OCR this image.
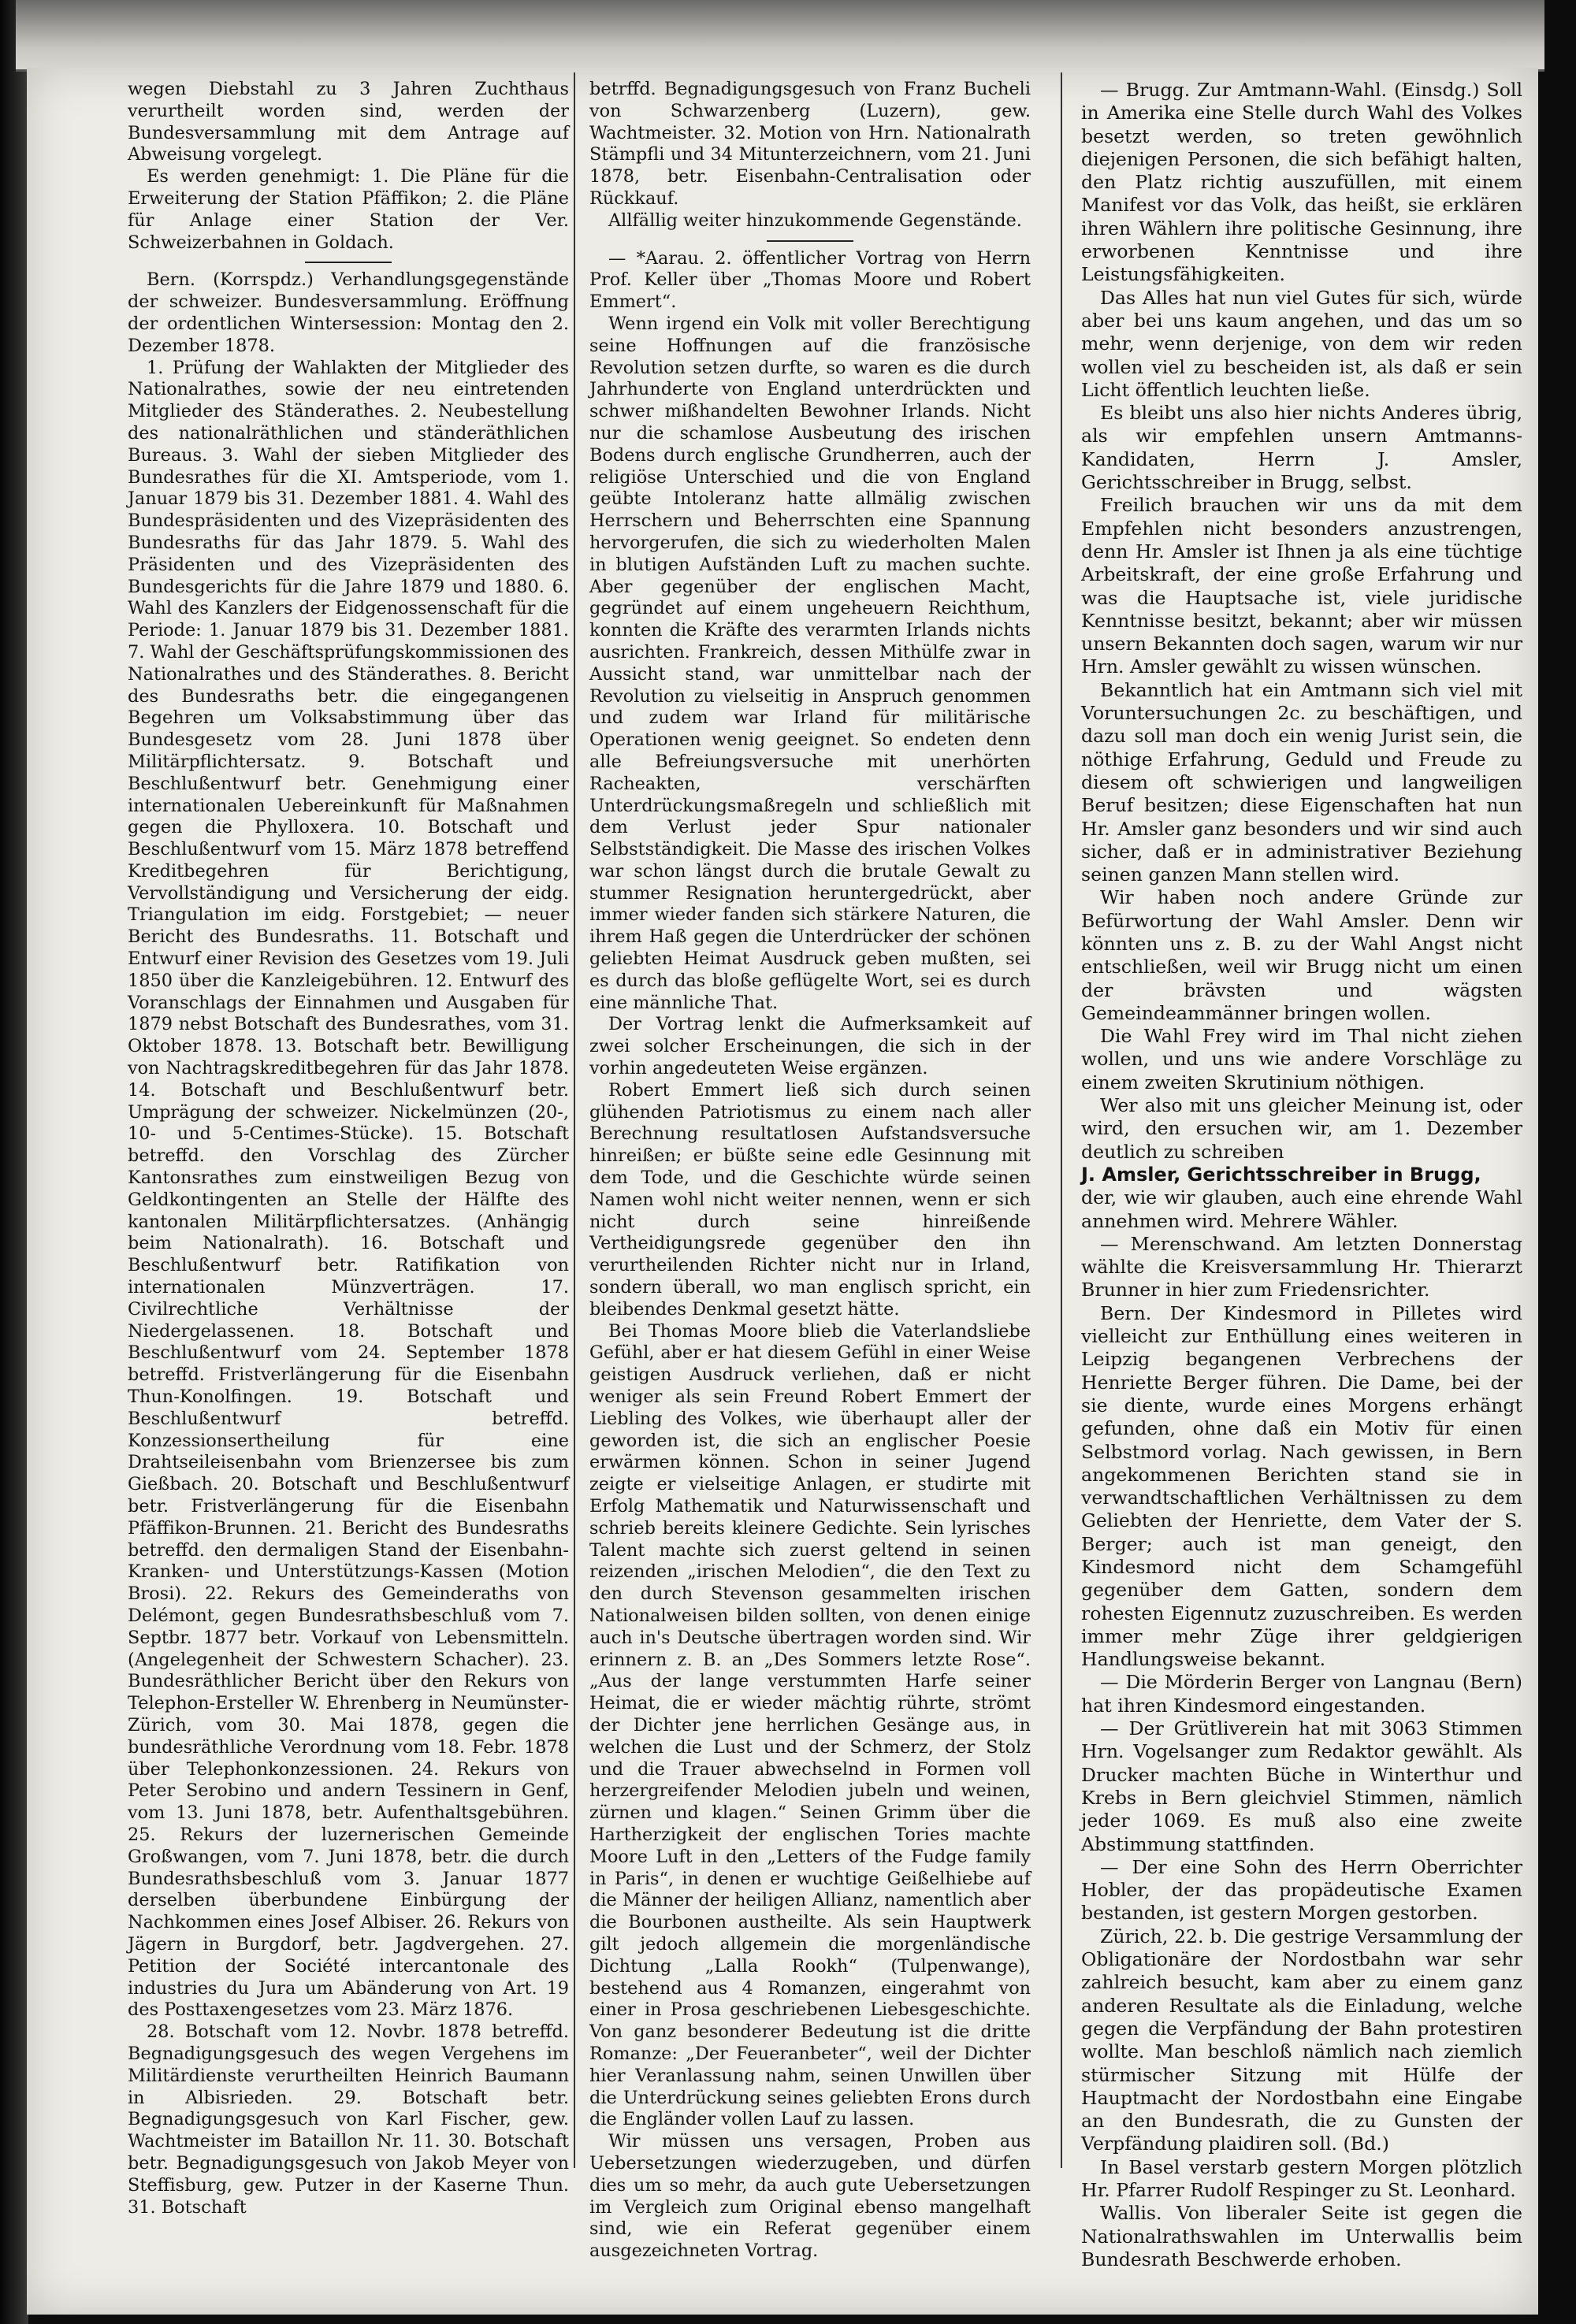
wegen Diebstahl zu 3 Jahren Zuchthaus verurtheilt worden sind, werden der Bundesversammlung mit dem Antrage auf Abweisung vorgelegt.

Es werden genehmigt: 1. Die Pläne für die Erweiterung der Station Pfäffikon; 2. die Pläne für Anlage einer Station der Ver. Schweizerbahnen in Goldach.

Bern. (Korrspdz.) Verhandlungsgegenstände der schweizer. Bundesversammlung. Eröffnung der ordentlichen Wintersession: Montag den 2. Dezember 1878.

1. Prüfung der Wahlakten der Mitglieder des Nationalrathes, sowie der neu eintretenden Mitglieder des Ständerathes. 2. Neubestellung des nationalräthlichen und ständeräthlichen Bureaus. 3. Wahl der sieben Mitglieder des Bundesrathes für die XI. Amtsperiode, vom 1. Januar 1879 bis 31. Dezember 1881. 4. Wahl des Bundespräsidenten und des Vizepräsidenten des Bundesraths für das Jahr 1879. 5. Wahl des Präsidenten und des Vizepräsidenten des Bundesgerichts für die Jahre 1879 und 1880. 6. Wahl des Kanzlers der Eidgenossenschaft für die Periode: 1. Januar 1879 bis 31. Dezember 1881. 7. Wahl der Geschäftsprüfungskommissionen des Nationalrathes und des Ständerathes. 8. Bericht des Bundesraths betr. die eingegangenen Begehren um Volksabstimmung über das Bundesgesetz vom 28. Juni 1878 über Militärpflichtersatz. 9. Botschaft und Beschlußentwurf betr. Genehmigung einer internationalen Uebereinkunft für Maßnahmen gegen die Phylloxera. 10. Botschaft und Beschlußentwurf vom 15. März 1878 betreffend Kreditbegehren für Berichtigung, Vervollständigung und Versicherung der eidg. Triangulation im eidg. Forstgebiet; — neuer Bericht des Bundesraths. 11. Botschaft und Entwurf einer Revision des Gesetzes vom 19. Juli 1850 über die Kanzleigebühren. 12. Entwurf des Voranschlags der Einnahmen und Ausgaben für 1879 nebst Botschaft des Bundesrathes, vom 31. Oktober 1878. 13. Botschaft betr. Bewilligung von Nachtragskreditbegehren für das Jahr 1878. 14. Botschaft und Beschlußentwurf betr. Umprägung der schweizer. Nickelmünzen (20-, 10- und 5-Centimes-Stücke). 15. Botschaft betreffd. den Vorschlag des Zürcher Kantonsrathes zum einstweiligen Bezug von Geldkontingenten an Stelle der Hälfte des kantonalen Militärpflichtersatzes. (Anhängig beim Nationalrath). 16. Botschaft und Beschlußentwurf betr. Ratifikation von internationalen Münzverträgen. 17. Civilrechtliche Verhältnisse der Niedergelassenen. 18. Botschaft und Beschlußentwurf vom 24. September 1878 betreffd. Fristverlängerung für die Eisenbahn Thun-Konolfingen. 19. Botschaft und Beschlußentwurf betreffd. Konzessionsertheilung für eine Drahtseileisenbahn vom Brienzersee bis zum Gießbach. 20. Botschaft und Beschlußentwurf betr. Fristverlängerung für die Eisenbahn Pfäffikon-Brunnen. 21. Bericht des Bundesraths betreffd. den dermaligen Stand der Eisenbahn-Kranken- und Unterstützungs-Kassen (Motion Brosi). 22. Rekurs des Gemeinderaths von Delémont, gegen Bundesrathsbeschluß vom 7. Septbr. 1877 betr. Vorkauf von Lebensmitteln. (Angelegenheit der Schwestern Schacher). 23. Bundesräthlicher Bericht über den Rekurs von Telephon-Ersteller W. Ehrenberg in Neumünster-Zürich, vom 30. Mai 1878, gegen die bundesräthliche Verordnung vom 18. Febr. 1878 über Telephonkonzessionen. 24. Rekurs von Peter Serobino und andern Tessinern in Genf, vom 13. Juni 1878, betr. Aufenthaltsgebühren. 25. Rekurs der luzernerischen Gemeinde Großwangen, vom 7. Juni 1878, betr. die durch Bundesrathsbeschluß vom 3. Januar 1877 derselben überbundene Einbürgung der Nachkommen eines Josef Albiser. 26. Rekurs von Jägern in Burgdorf, betr. Jagdvergehen. 27. Petition der Société intercantonale des industries du Jura um Abänderung von Art. 19 des Posttaxengesetzes vom 23. März 1876.

28. Botschaft vom 12. Novbr. 1878 betreffd. Begnadigungsgesuch des wegen Vergehens im Militärdienste verurtheilten Heinrich Baumann in Albisrieden. 29. Botschaft betr. Begnadigungsgesuch von Karl Fischer, gew. Wachtmeister im Bataillon Nr. 11. 30. Botschaft betr. Begnadigungsgesuch von Jakob Meyer von Steffisburg, gew. Putzer in der Kaserne Thun. 31. Botschaft

betrffd. Begnadigungsgesuch von Franz Bucheli von Schwarzenberg (Luzern), gew. Wachtmeister. 32. Motion von Hrn. Nationalrath Stämpfli und 34 Mitunterzeichnern, vom 21. Juni 1878, betr. Eisenbahn-Centralisation oder Rückkauf.

Allfällig weiter hinzukommende Gegenstände.

— *Aarau. 2. öffentlicher Vortrag von Herrn Prof. Keller über „Thomas Moore und Robert Emmert“.

Wenn irgend ein Volk mit voller Berechtigung seine Hoffnungen auf die französische Revolution setzen durfte, so waren es die durch Jahrhunderte von England unterdrückten und schwer mißhandelten Bewohner Irlands. Nicht nur die schamlose Ausbeutung des irischen Bodens durch englische Grundherren, auch der religiöse Unterschied und die von England geübte Intoleranz hatte allmälig zwischen Herrschern und Beherrschten eine Spannung hervorgerufen, die sich zu wiederholten Malen in blutigen Aufständen Luft zu machen suchte. Aber gegenüber der englischen Macht, gegründet auf einem ungeheuern Reichthum, konnten die Kräfte des verarmten Irlands nichts ausrichten. Frankreich, dessen Mithülfe zwar in Aussicht stand, war unmittelbar nach der Revolution zu vielseitig in Anspruch genommen und zudem war Irland für militärische Operationen wenig geeignet. So endeten denn alle Befreiungsversuche mit unerhörten Racheakten, verschärften Unterdrückungsmaßregeln und schließlich mit dem Verlust jeder Spur nationaler Selbstständigkeit. Die Masse des irischen Volkes war schon längst durch die brutale Gewalt zu stummer Resignation heruntergedrückt, aber immer wieder fanden sich stärkere Naturen, die ihrem Haß gegen die Unterdrücker der schönen geliebten Heimat Ausdruck geben mußten, sei es durch das bloße geflügelte Wort, sei es durch eine männliche That.

Der Vortrag lenkt die Aufmerksamkeit auf zwei solcher Erscheinungen, die sich in der vorhin angedeuteten Weise ergänzen.

Robert Emmert ließ sich durch seinen glühenden Patriotismus zu einem nach aller Berechnung resultatlosen Aufstandsversuche hinreißen; er büßte seine edle Gesinnung mit dem Tode, und die Geschichte würde seinen Namen wohl nicht weiter nennen, wenn er sich nicht durch seine hinreißende Vertheidigungsrede gegenüber den ihn verurtheilenden Richter nicht nur in Irland, sondern überall, wo man englisch spricht, ein bleibendes Denkmal gesetzt hätte.

Bei Thomas Moore blieb die Vaterlandsliebe Gefühl, aber er hat diesem Gefühl in einer Weise geistigen Ausdruck verliehen, daß er nicht weniger als sein Freund Robert Emmert der Liebling des Volkes, wie überhaupt aller der geworden ist, die sich an englischer Poesie erwärmen können. Schon in seiner Jugend zeigte er vielseitige Anlagen, er studirte mit Erfolg Mathematik und Naturwissenschaft und schrieb bereits kleinere Gedichte. Sein lyrisches Talent machte sich zuerst geltend in seinen reizenden „irischen Melodien“, die den Text zu den durch Stevenson gesammelten irischen Nationalweisen bilden sollten, von denen einige auch in's Deutsche übertragen worden sind. Wir erinnern z. B. an „Des Sommers letzte Rose“. „Aus der lange verstummten Harfe seiner Heimat, die er wieder mächtig rührte, strömt der Dichter jene herrlichen Gesänge aus, in welchen die Lust und der Schmerz, der Stolz und die Trauer abwechselnd in Formen voll herzergreifender Melodien jubeln und weinen, zürnen und klagen.“ Seinen Grimm über die Hartherzigkeit der englischen Tories machte Moore Luft in den „Letters of the Fudge family in Paris“, in denen er wuchtige Geißelhiebe auf die Männer der heiligen Allianz, namentlich aber die Bourbonen austheilte. Als sein Hauptwerk gilt jedoch allgemein die morgenländische Dichtung „Lalla Rookh“ (Tulpenwange), bestehend aus 4 Romanzen, eingerahmt von einer in Prosa geschriebenen Liebesgeschichte. Von ganz besonderer Bedeutung ist die dritte Romanze: „Der Feueranbeter“, weil der Dichter hier Veranlassung nahm, seinen Unwillen über die Unterdrückung seines geliebten Erons durch die Engländer vollen Lauf zu lassen.

Wir müssen uns versagen, Proben aus Uebersetzungen wiederzugeben, und dürfen dies um so mehr, da auch gute Uebersetzungen im Vergleich zum Original ebenso mangelhaft sind, wie ein Referat gegenüber einem ausgezeichneten Vortrag.

— Brugg. Zur Amtmann-Wahl. (Einsdg.) Soll in Amerika eine Stelle durch Wahl des Volkes besetzt werden, so treten gewöhnlich diejenigen Personen, die sich befähigt halten, den Platz richtig auszufüllen, mit einem Manifest vor das Volk, das heißt, sie erklären ihren Wählern ihre politische Gesinnung, ihre erworbenen Kenntnisse und ihre Leistungsfähigkeiten.

Das Alles hat nun viel Gutes für sich, würde aber bei uns kaum angehen, und das um so mehr, wenn derjenige, von dem wir reden wollen viel zu bescheiden ist, als daß er sein Licht öffentlich leuchten ließe.

Es bleibt uns also hier nichts Anderes übrig, als wir empfehlen unsern Amtmanns-Kandidaten, Herrn J. Amsler, Gerichtsschreiber in Brugg, selbst.

Freilich brauchen wir uns da mit dem Empfehlen nicht besonders anzustrengen, denn Hr. Amsler ist Ihnen ja als eine tüchtige Arbeitskraft, der eine große Erfahrung und was die Hauptsache ist, viele juridische Kenntnisse besitzt, bekannt; aber wir müssen unsern Bekannten doch sagen, warum wir nur Hrn. Amsler gewählt zu wissen wünschen.

Bekanntlich hat ein Amtmann sich viel mit Voruntersuchungen 2c. zu beschäftigen, und dazu soll man doch ein wenig Jurist sein, die nöthige Erfahrung, Geduld und Freude zu diesem oft schwierigen und langweiligen Beruf besitzen; diese Eigenschaften hat nun Hr. Amsler ganz besonders und wir sind auch sicher, daß er in administrativer Beziehung seinen ganzen Mann stellen wird.

Wir haben noch andere Gründe zur Befürwortung der Wahl Amsler. Denn wir könnten uns z. B. zu der Wahl Angst nicht entschließen, weil wir Brugg nicht um einen der brävsten und wägsten Gemeindeammänner bringen wollen.

Die Wahl Frey wird im Thal nicht ziehen wollen, und uns wie andere Vorschläge zu einem zweiten Skrutinium nöthigen.

Wer also mit uns gleicher Meinung ist, oder wird, den ersuchen wir, am 1. Dezember deutlich zu schreiben

J. Amsler, Gerichtsschreiber in Brugg,

der, wie wir glauben, auch eine ehrende Wahl annehmen wird. Mehrere Wähler.

— Merenschwand. Am letzten Donnerstag wählte die Kreisversammlung Hr. Thierarzt Brunner in hier zum Friedensrichter.

Bern. Der Kindesmord in Pilletes wird vielleicht zur Enthüllung eines weiteren in Leipzig begangenen Verbrechens der Henriette Berger führen. Die Dame, bei der sie diente, wurde eines Morgens erhängt gefunden, ohne daß ein Motiv für einen Selbstmord vorlag. Nach gewissen, in Bern angekommenen Berichten stand sie in verwandtschaftlichen Verhältnissen zu dem Geliebten der Henriette, dem Vater der S. Berger; auch ist man geneigt, den Kindesmord nicht dem Schamgefühl gegenüber dem Gatten, sondern dem rohesten Eigennutz zuzuschreiben. Es werden immer mehr Züge ihrer geldgierigen Handlungsweise bekannt.

— Die Mörderin Berger von Langnau (Bern) hat ihren Kindesmord eingestanden.

— Der Grütliverein hat mit 3063 Stimmen Hrn. Vogelsanger zum Redaktor gewählt. Als Drucker machten Büche in Winterthur und Krebs in Bern gleichviel Stimmen, nämlich jeder 1069. Es muß also eine zweite Abstimmung stattfinden.

— Der eine Sohn des Herrn Oberrichter Hobler, der das propädeutische Examen bestanden, ist gestern Morgen gestorben.

Zürich, 22. b. Die gestrige Versammlung der Obligationäre der Nordostbahn war sehr zahlreich besucht, kam aber zu einem ganz anderen Resultate als die Einladung, welche gegen die Verpfändung der Bahn protestiren wollte. Man beschloß nämlich nach ziemlich stürmischer Sitzung mit Hülfe der Hauptmacht der Nordostbahn eine Eingabe an den Bundesrath, die zu Gunsten der Verpfändung plaidiren soll. (Bd.)

In Basel verstarb gestern Morgen plötzlich Hr. Pfarrer Rudolf Respinger zu St. Leonhard.

Wallis. Von liberaler Seite ist gegen die Nationalrathswahlen im Unterwallis beim Bundesrath Beschwerde erhoben.
